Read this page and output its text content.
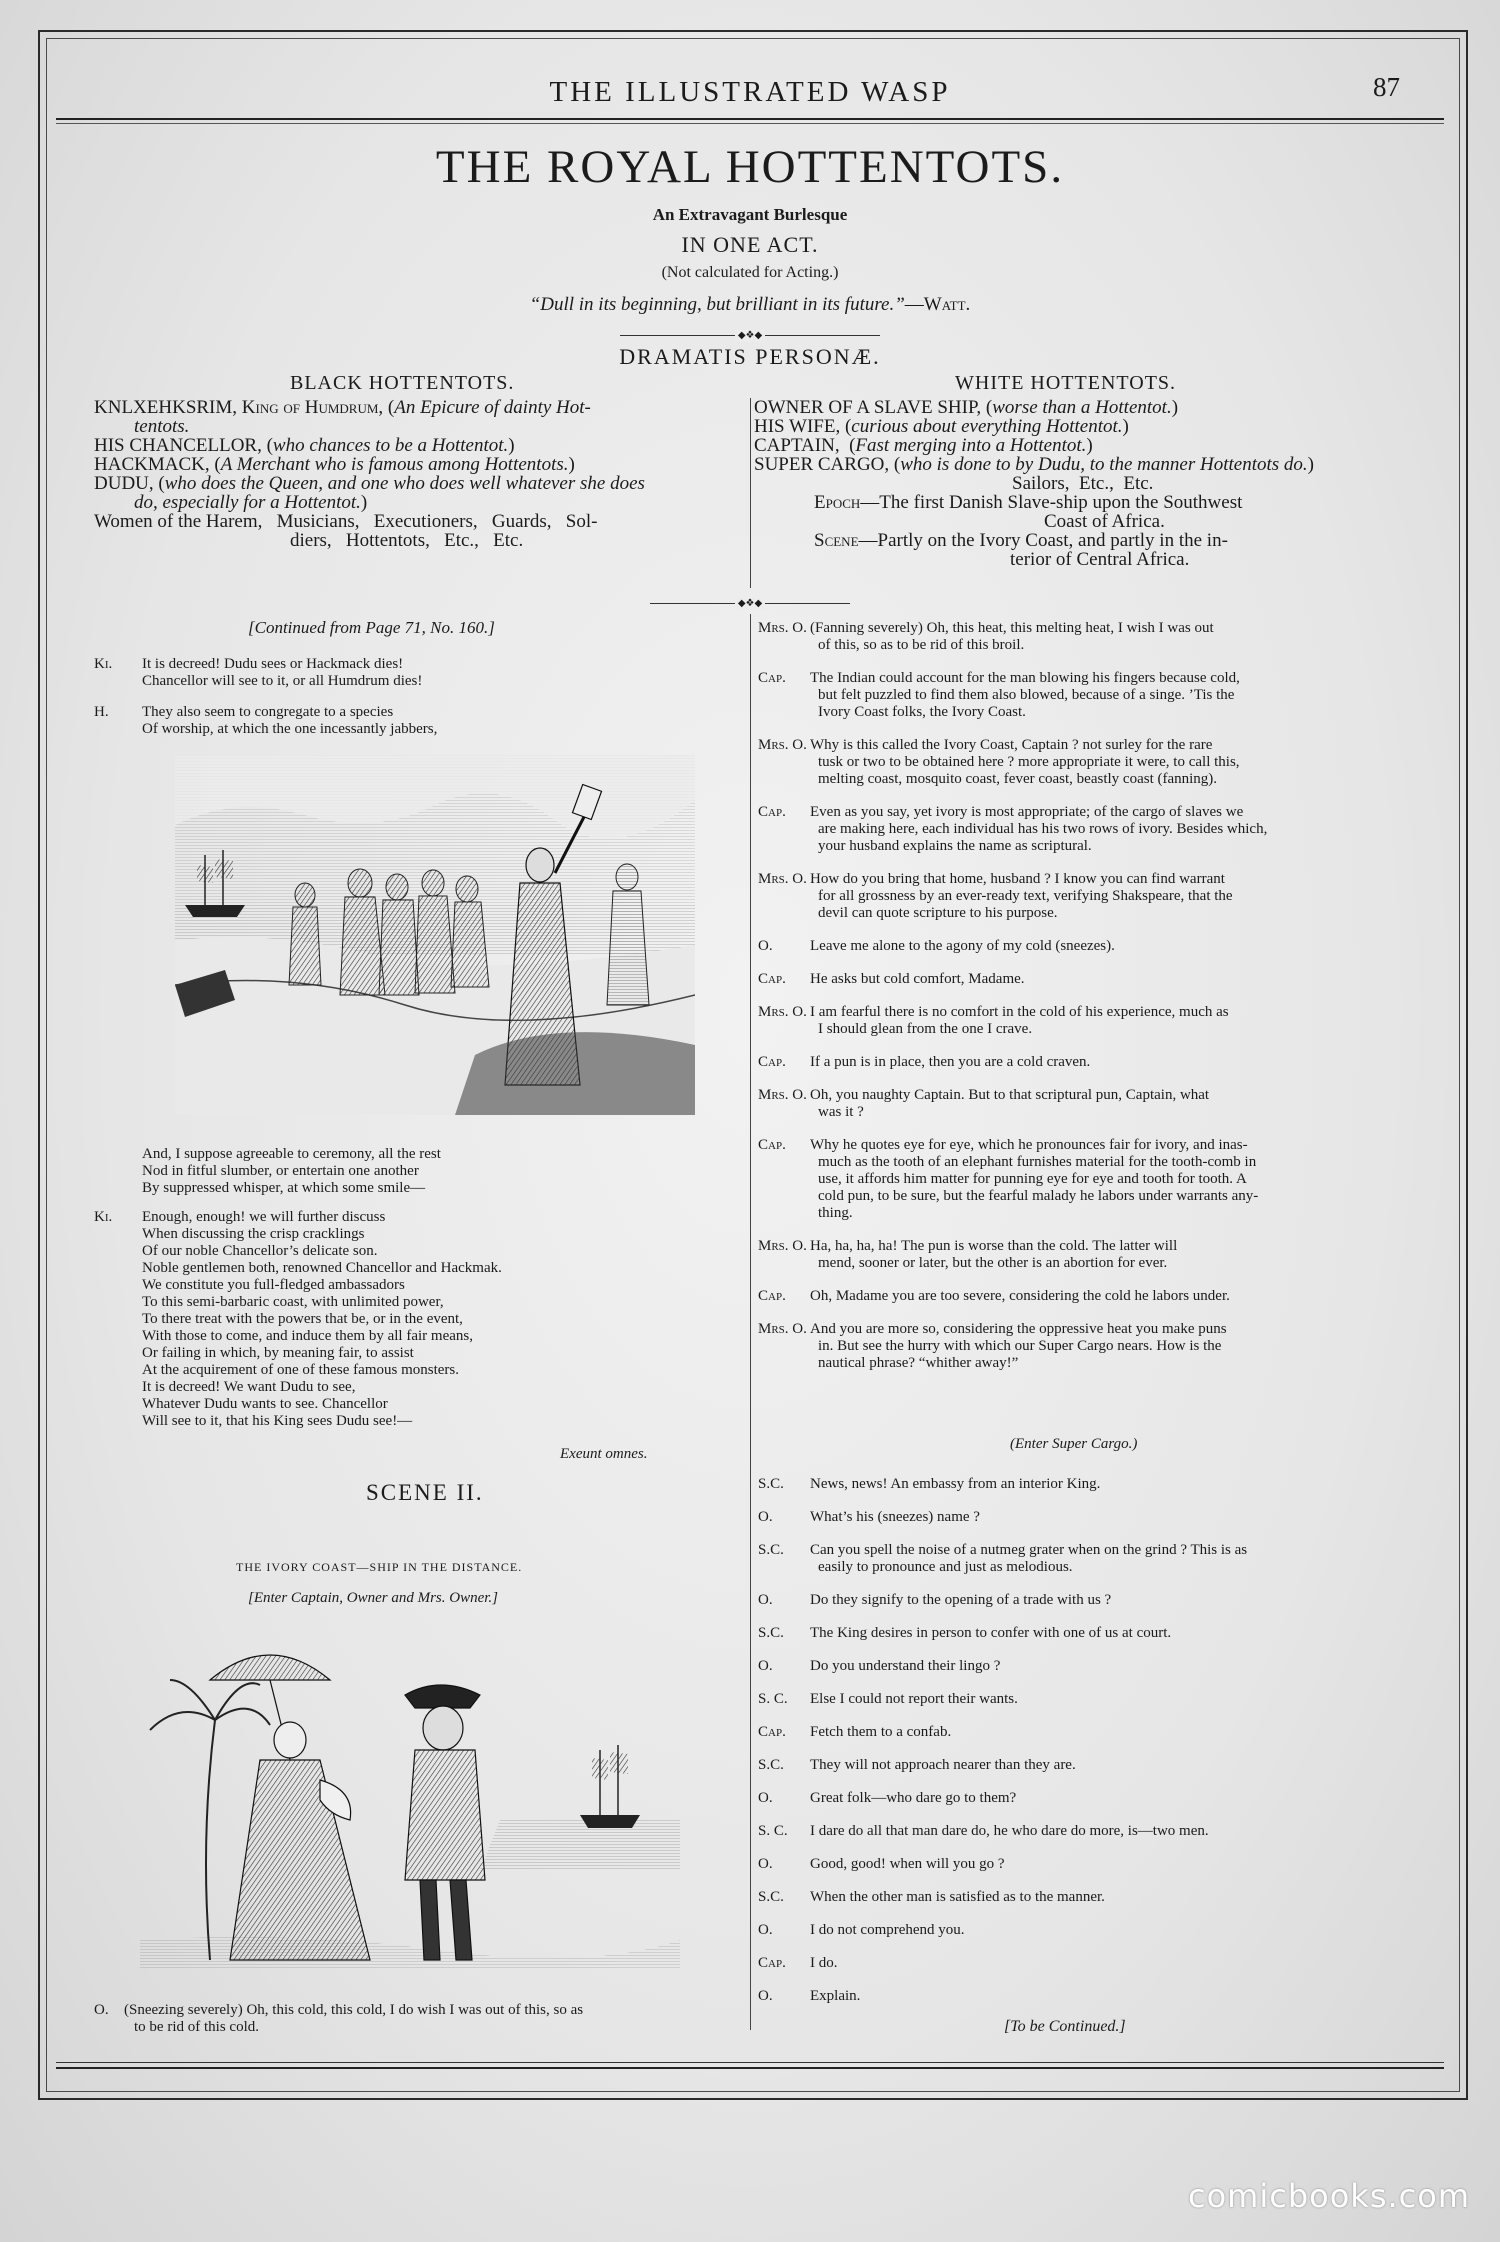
THE ILLUSTRATED WASP	87
THE ROYAL HOTTENTOTS.
An Extravagant Burlesque
IN ONE ACT.
(Not calculated for Acting.)
“Dull in its beginning, but brilliant in its future.”—Watt.
◆❖◆
DRAMATIS PERSONÆ.
BLACK HOTTENTOTS.	WHITE HOTTENTOTS.
KNLXEHKSRIM, King of Humdrum, (An Epicure of dainty Hot-
tentots.
HIS CHANCELLOR, (who chances to be a Hottentot.)
HACKMACK, (A Merchant who is famous among Hottentots.)
DUDU, (who does the Queen, and one who does well whatever she does
do, especially for a Hottentot.)
Women of the Harem,   Musicians,   Executioners,   Guards,   Sol-
diers,   Hottentots,   Etc.,   Etc.
OWNER OF A SLAVE SHIP, (worse than a Hottentot.)
HIS WIFE, (curious about everything Hottentot.)
CAPTAIN,  (Fast merging into a Hottentot.)
SUPER CARGO, (who is done to by Dudu, to the manner Hottentots do.)
Sailors,  Etc.,  Etc.
Epoch—The first Danish Slave-ship upon the Southwest
Coast of Africa.
Scene—Partly on the Ivory Coast, and partly in the in-
terior of Central Africa.
◆❖◆
[Continued from Page 71, No. 160.]
Ki. It is decreed! Dudu sees or Hackmack dies!
Chancellor will see to it, or all Humdrum dies!
H. They also seem to congregate to a species
Of worship, at which the one incessantly jabbers,
And, I suppose agreeable to ceremony, all the rest
Nod in fitful slumber, or entertain one another
By suppressed whisper, at which some smile—
Ki. Enough, enough! we will further discuss
When discussing the crisp cracklings
Of our noble Chancellor’s delicate son.
Noble gentlemen both, renowned Chancellor and Hackmak.
We constitute you full-fledged ambassadors
To this semi-barbaric coast, with unlimited power,
To there treat with the powers that be, or in the event,
With those to come, and induce them by all fair means,
Or failing in which, by meaning fair, to assist
At the acquirement of one of these famous monsters.
It is decreed! We want Dudu to see,
Whatever Dudu wants to see. Chancellor
Will see to it, that his King sees Dudu see!—
Exeunt omnes.
SCENE II.
THE IVORY COAST—SHIP IN THE DISTANCE.
[Enter Captain, Owner and Mrs. Owner.]
O. (Sneezing severely) Oh, this cold, this cold, I do wish I was out of this, so as
to be rid of this cold.
Mrs. O. (Fanning severely) Oh, this heat, this melting heat, I wish I was out
of this, so as to be rid of this broil.
Cap. The Indian could account for the man blowing his fingers because cold,
but felt puzzled to find them also blowed, because of a singe. ’Tis the
Ivory Coast folks, the Ivory Coast.
Mrs. O. Why is this called the Ivory Coast, Captain ? not surley for the rare
tusk or two to be obtained here ? more appropriate it were, to call this,
melting coast, mosquito coast, fever coast, beastly coast (fanning).
Cap. Even as you say, yet ivory is most appropriate; of the cargo of slaves we
are making here, each individual has his two rows of ivory. Besides which,
your husband explains the name as scriptural.
Mrs. O. How do you bring that home, husband ? I know you can find warrant
for all grossness by an ever-ready text, verifying Shakspeare, that the
devil can quote scripture to his purpose.
O. Leave me alone to the agony of my cold (sneezes).
Cap. He asks but cold comfort, Madame.
Mrs. O. I am fearful there is no comfort in the cold of his experience, much as
I should glean from the one I crave.
Cap. If a pun is in place, then you are a cold craven.
Mrs. O. Oh, you naughty Captain. But to that scriptural pun, Captain, what
was it ?
Cap. Why he quotes eye for eye, which he pronounces fair for ivory, and inas-
much as the tooth of an elephant furnishes material for the tooth-comb in
use, it affords him matter for punning eye for eye and tooth for tooth. A
cold pun, to be sure, but the fearful malady he labors under warrants any-
thing.
Mrs. O. Ha, ha, ha, ha! The pun is worse than the cold. The latter will
mend, sooner or later, but the other is an abortion for ever.
Cap. Oh, Madame you are too severe, considering the cold he labors under.
Mrs. O. And you are more so, considering the oppressive heat you make puns
in. But see the hurry with which our Super Cargo nears. How is the
nautical phrase? “whither away!”
(Enter Super Cargo.)
S.C. News, news! An embassy from an interior King.
O. What’s his (sneezes) name ?
S.C. Can you spell the noise of a nutmeg grater when on the grind ? This is as
easily to pronounce and just as melodious.
O. Do they signify to the opening of a trade with us ?
S.C. The King desires in person to confer with one of us at court.
O. Do you understand their lingo ?
S. C. Else I could not report their wants.
Cap. Fetch them to a confab.
S.C. They will not approach nearer than they are.
O. Great folk—who dare go to them?
S. C. I dare do all that man dare do, he who dare do more, is—two men.
O. Good, good! when will you go ?
S.C. When the other man is satisfied as to the manner.
O. I do not comprehend you.
Cap. I do.
O. Explain.
[To be Continued.]
comicbooks.com
